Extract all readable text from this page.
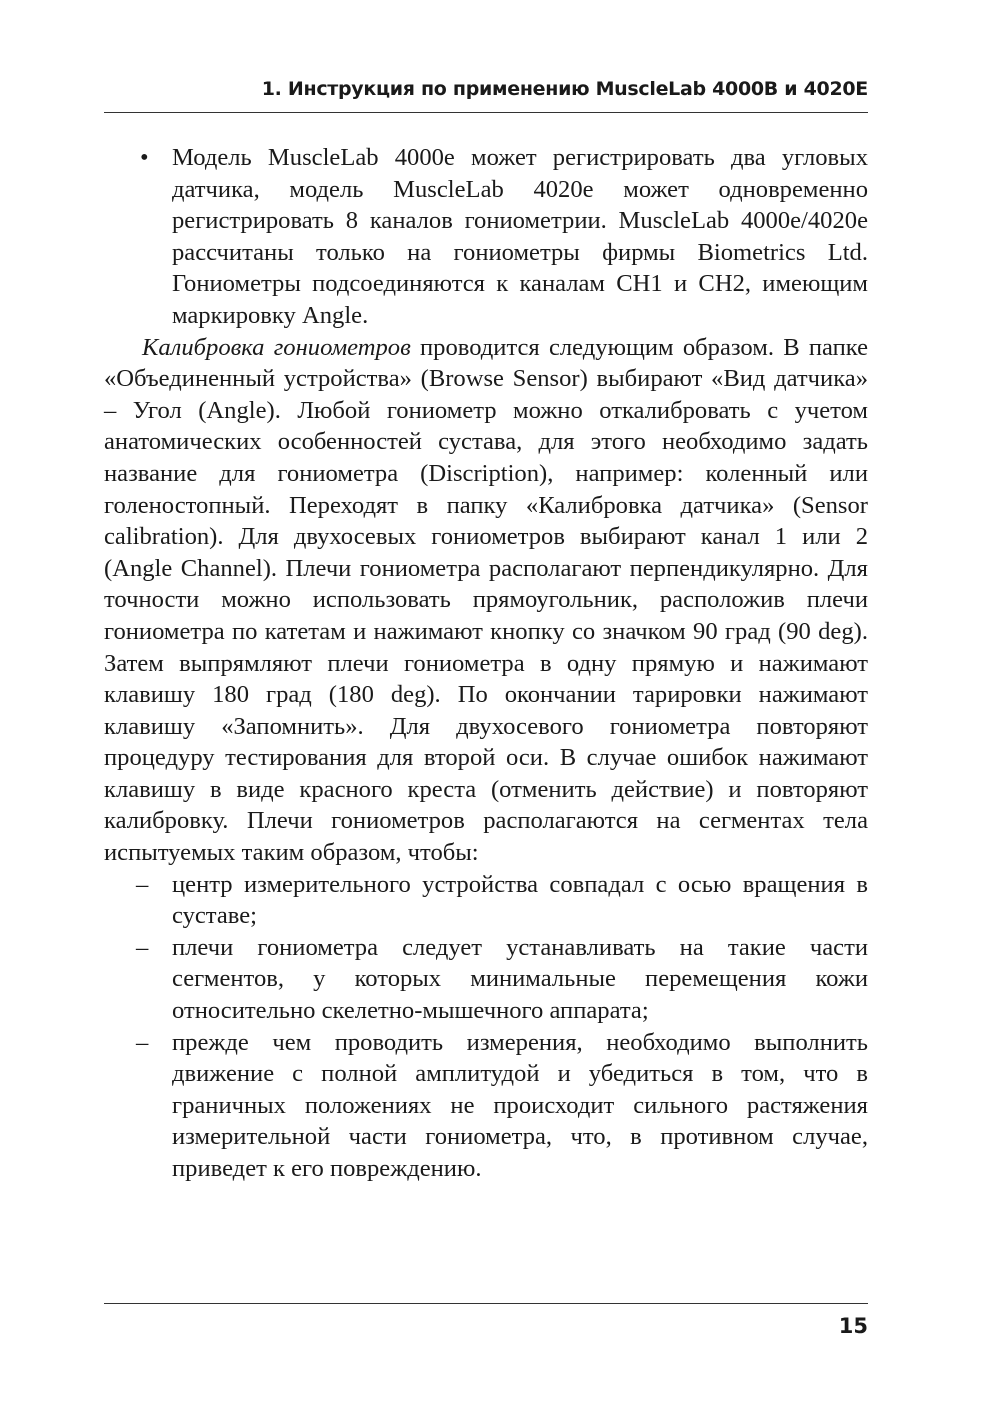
1. Инструкция по применению MuscleLab 4000В и 4020Е
• Модель MuscleLab 4000e может регистрировать два угловых датчика, модель MuscleLab 4020e может одновременно регистрировать 8 каналов гониометрии. MuscleLab 4000e/4020e рассчитаны только на гониометры фирмы Biometrics Ltd. Гониометры подсоединяются к каналам CH1 и CH2, имеющим маркировку Angle.

Калибровка гониометров проводится следующим образом. В папке «Объединенный устройства» (Browse Sensor) выбирают «Вид датчика» – Угол (Angle). Любой гониометр можно откалибровать с учетом анатомических особенностей сустава, для этого необходимо задать название для гониометра (Discription), например: коленный или голеностопный. Переходят в папку «Калибровка датчика» (Sensor calibration). Для двухосевых гониометров выбирают канал 1 или 2 (Angle Channel). Плечи гониометра располагают перпендикулярно. Для точности можно использовать прямоугольник, расположив плечи гониометра по катетам и нажимают кнопку со значком 90 град (90 deg). Затем выпрямляют плечи гониометра в одну прямую и нажимают клавишу 180 град (180 deg). По окончании тарировки нажимают клавишу «Запомнить». Для двухосевого гониометра повторяют процедуру тестирования для второй оси. В случае ошибок нажимают клавишу в виде красного креста (отменить действие) и повторяют калибровку. Плечи гониометров располагаются на сегментах тела испытуемых таким образом, чтобы:

– центр измерительного устройства совпадал с осью вращения в суставе;
– плечи гониометра следует устанавливать на такие части сегментов, у которых минимальные перемещения кожи относительно скелетно-мышечного аппарата;
– прежде чем проводить измерения, необходимо выполнить движение с полной амплитудой и убедиться в том, что в граничных положениях не происходит сильного растяжения измерительной части гониометра, что, в противном случае, приведет к его повреждению.
15
